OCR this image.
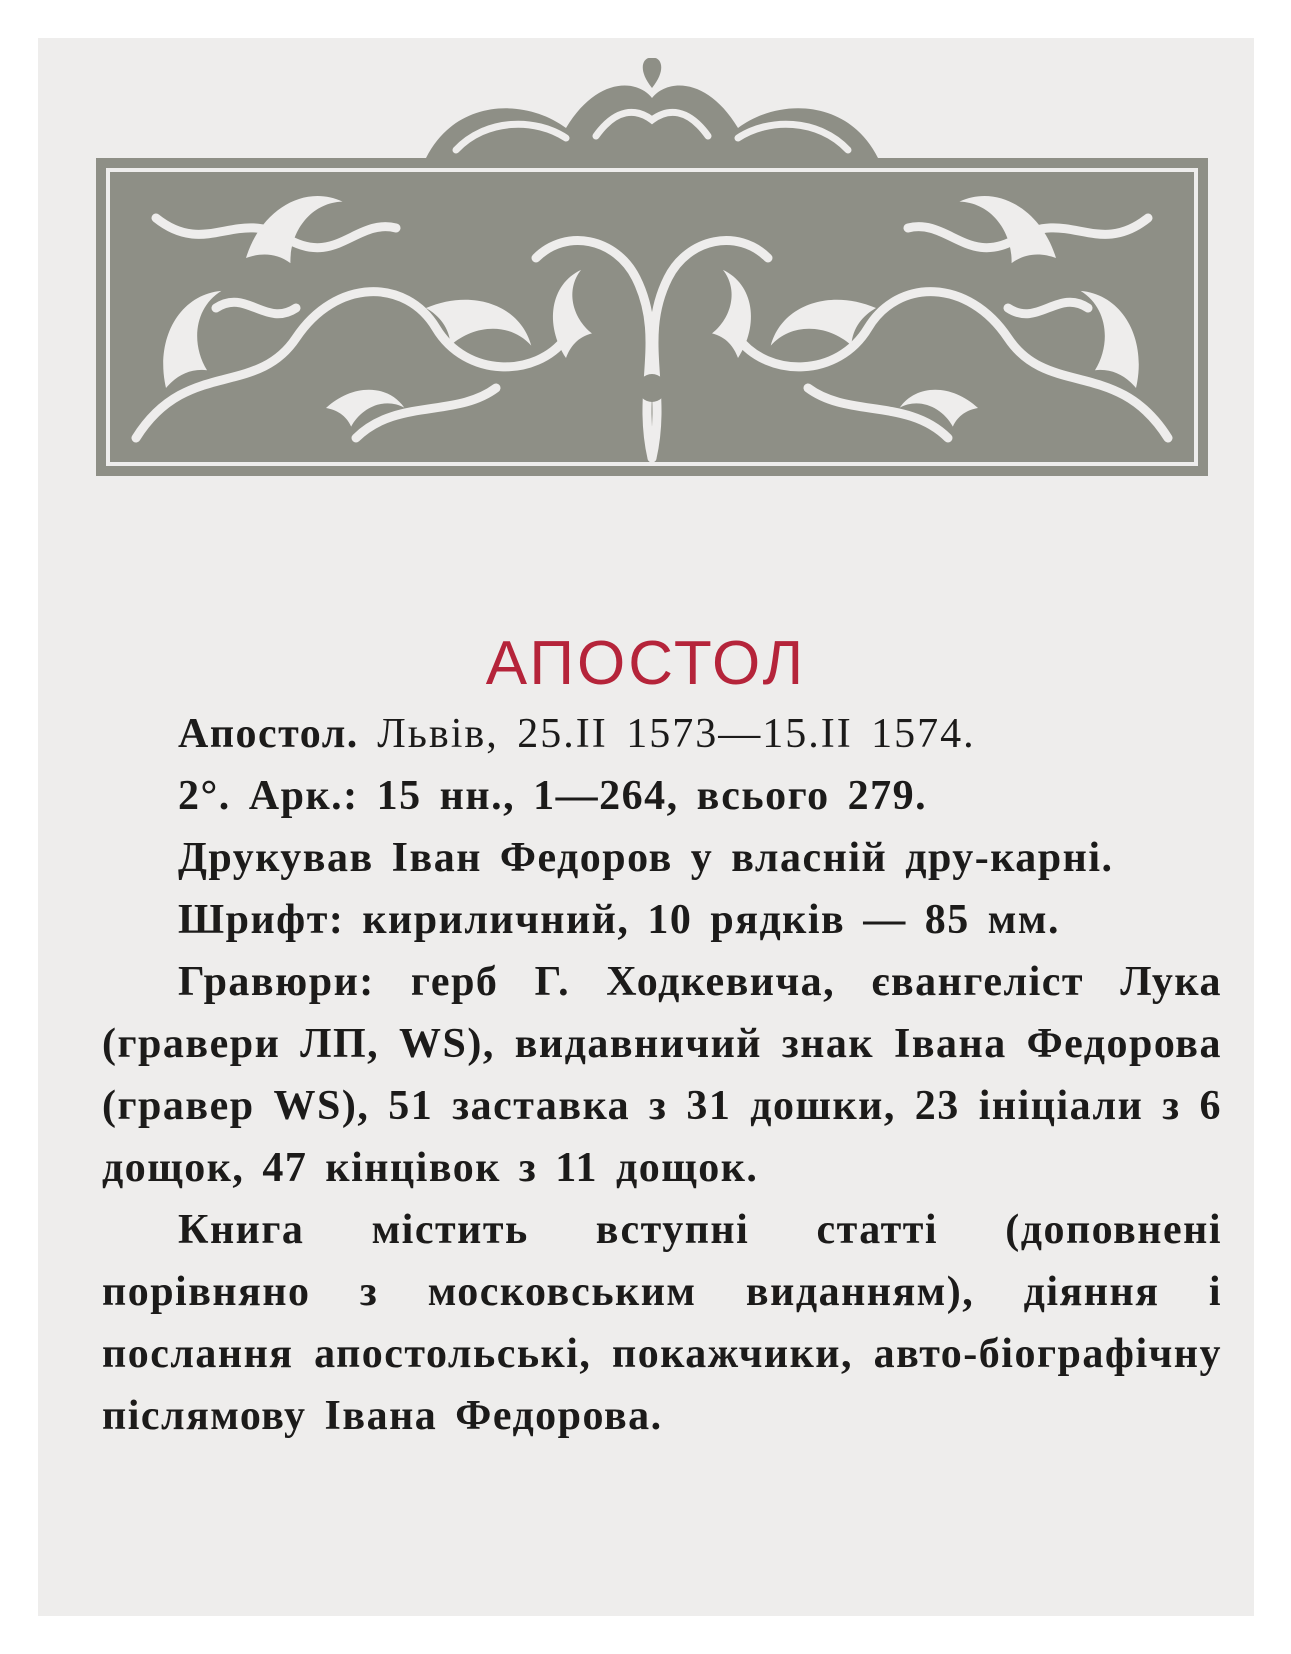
АПОСТОЛ

Апостол. Львів, 25.II 1573—15.II 1574.

2°. Арк.: 15 нн., 1—264, всього 279.

Друкував Іван Федоров у власній дру-карні.

Шрифт: кириличний, 10 рядків — 85 мм.

Гравюри: герб Г. Ходкевича, євангеліст Лука (гравери ЛП, WS), видавничий знак Івана Федорова (гравер WS), 51 заставка з 31 дошки, 23 ініціали з 6 дощок, 47 кінцівок з 11 дощок.

Книга містить вступні статті (доповнені порівняно з московським виданням), діяння і послання апостольські, покажчики, авто-біографічну післямову Івана Федорова.
